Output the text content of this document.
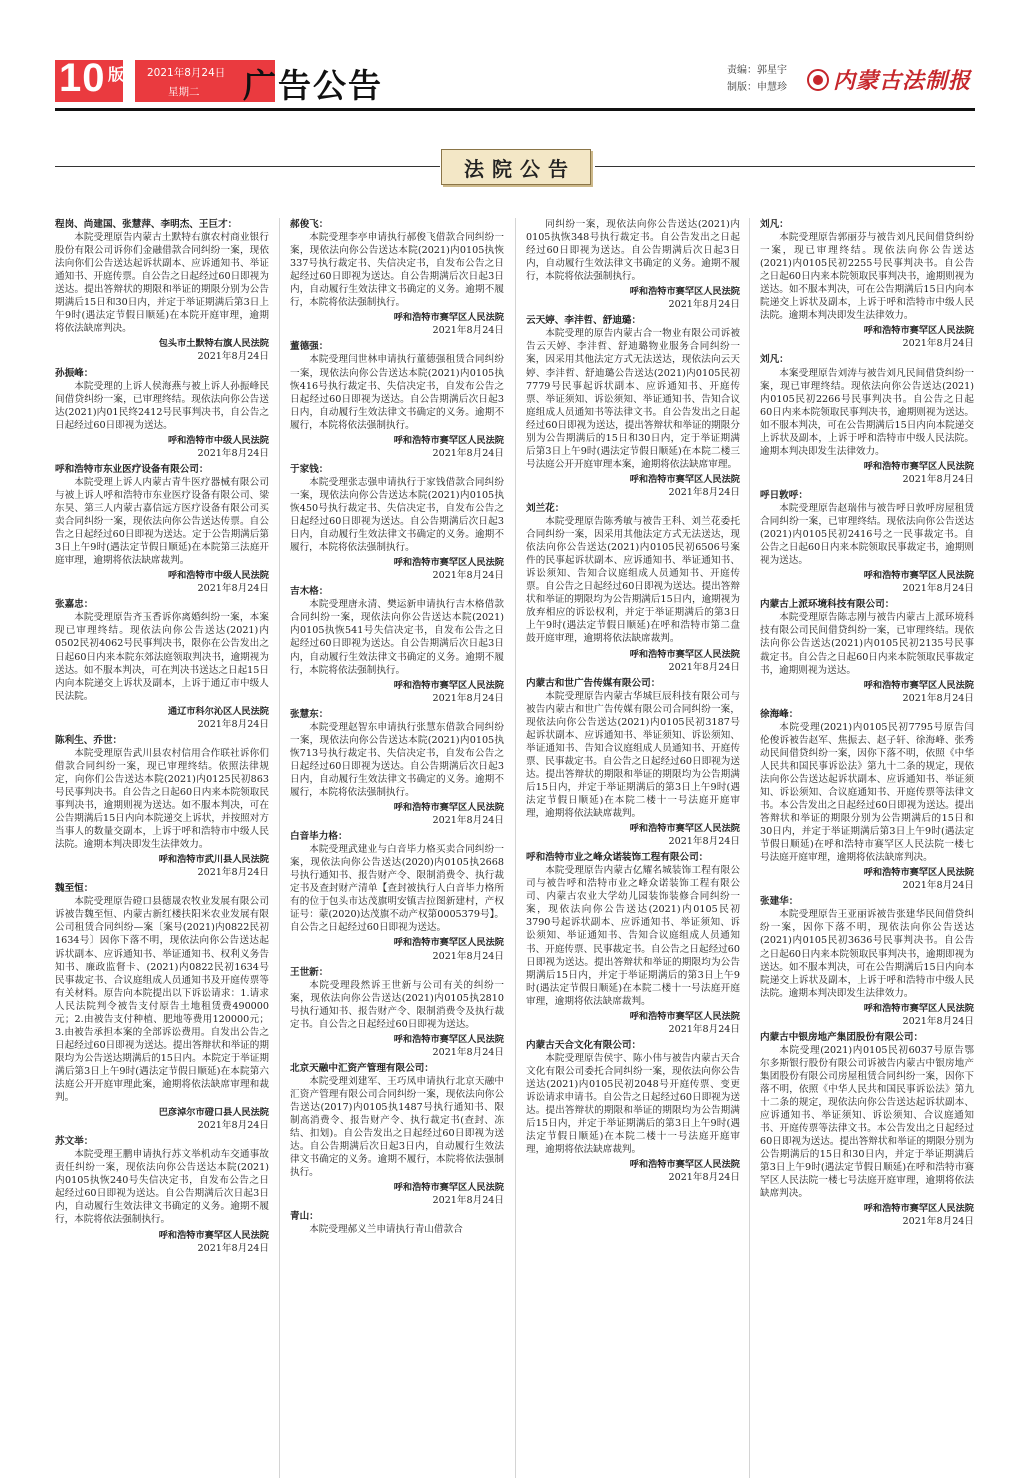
10	2021年8月24日
星期二
版	广告公告	责编：郭星宇
制版：申慧珍 内蒙古法制报
法院公告
程岗、尚建国、张慧萍、李明杰、王巨才：
本院受理原告内蒙古土默特右旗农村商业银行股份有限公司诉你们金融借款合同纠纷一案，现依法向你们公告送达起诉状副本、应诉通知书、举证通知书、开庭传票。自公告之日起经过60日即视为送达。提出答辩状的期限和举证的期限分别为公告期满后15日和30日内，并定于举证期满后第3日上午9时(遇法定节假日顺延)在本院开庭审理，逾期将依法缺席判决。
包头市土默特右旗人民法院
2021年8月24日
孙振峰：
本院受理的上诉人侯海燕与被上诉人孙振峰民间借贷纠纷一案，已审理终结。现依法向你公告送达(2021)内01民终2412号民事判决书，自公告之日起经过60日即视为送达。
呼和浩特市中级人民法院
2021年8月24日
呼和浩特市东业医疗设备有限公司：
本院受理上诉人内蒙古青牛医疗器械有限公司与被上诉人呼和浩特市东业医疗设备有限公司、梁东昊、第三人内蒙古嘉信远方医疗设备有限公司买卖合同纠纷一案，现依法向你公告送达传票。自公告之日起经过60日即视为送达。定于公告期满后第3日上午9时(遇法定节假日顺延)在本院第三法庭开庭审理，逾期将依法缺席裁判。
呼和浩特市中级人民法院
2021年8月24日
张嘉忠：
本院受理原告齐玉香诉你离婚纠纷一案，本案现已审理终结。现依法向你公告送达(2021)内0502民初4062号民事判决书，限你在公告发出之日起60日内来本院东郊法庭领取判决书，逾期视为送达。如不服本判决，可在判决书送达之日起15日内向本院递交上诉状及副本，上诉于通辽市中级人民法院。
通辽市科尔沁区人民法院
2021年8月24日
陈利生、乔世：
本院受理原告武川县农村信用合作联社诉你们借款合同纠纷一案，现已审理终结。依照法律规定，向你们公告送达本院(2021)内0125民初863号民事判决书。自公告之日起60日内来本院领取民事判决书，逾期则视为送达。如不服本判决，可在公告期满后15日内向本院递交上诉状，并按照对方当事人的数量交副本，上诉于呼和浩特市中级人民法院。逾期本判决即发生法律效力。
呼和浩特市武川县人民法院
2021年8月24日
魏至恒：
本院受理原告磴口县德晟农牧业发展有限公司诉被告魏至恒、内蒙古新红楼扶阳米农业发展有限公司租赁合同纠纷—案〔案号(2021)内0822民初1634号〕因你下落不明，现依法向你公告送达起诉状副本、应诉通知书、举证通知书、权利义务告知书、廉政监督卡、(2021)内0822民初1634号民事裁定书、合议庭组成人员通知书及开庭传票等有关材料。原告向本院提出以下诉讼请求：1.请求人民法院判令被告支付原告土地租赁费490000元；2.由被告支付种植、肥地等费用120000元；3.由被告承担本案的全部诉讼费用。自发出公告之日起经过60日即视为送达。提出答辩状和举证的期限均为公告送达期满后的15日内。本院定于举证期满后第3日上午9时(遇法定节假日顺延)在本院第六法庭公开开庭审理此案，逾期将依法缺席审理和裁判。
巴彦淖尔市磴口县人民法院
2021年8月24日
苏文举：
本院受理王鹏申请执行苏文举机动车交通事故责任纠纷一案，现依法向你公告送达本院(2021)内0105执恢240号失信决定书，自发布公告之日起经过60日即视为送达。自公告期满后次日起3日内，自动履行生效法律文书确定的义务。逾期不履行，本院将依法强制执行。
呼和浩特市赛罕区人民法院
2021年8月24日
郝俊飞：
本院受理李亭申请执行郝俊飞借款合同纠纷一案，现依法向你公告送达本院(2021)内0105执恢337号执行裁定书、失信决定书，自发布公告之日起经过60日即视为送达。自公告期满后次日起3日内，自动履行生效法律文书确定的义务。逾期不履行，本院将依法强制执行。
呼和浩特市赛罕区人民法院
2021年8月24日
董德强：
本院受理闫世林申请执行董德强租赁合同纠纷一案，现依法向你公告送达本院(2021)内0105执恢416号执行裁定书、失信决定书，自发布公告之日起经过60日即视为送达。自公告期满后次日起3日内，自动履行生效法律文书确定的义务。逾期不履行，本院将依法强制执行。
呼和浩特市赛罕区人民法院
2021年8月24日
于家钱：
本院受理张志强申请执行于家钱借款合同纠纷一案，现依法向你公告送达本院(2021)内0105执恢450号执行裁定书、失信决定书，自发布公告之日起经过60日即视为送达。自公告期满后次日起3日内，自动履行生效法律文书确定的义务。逾期不履行，本院将依法强制执行。
呼和浩特市赛罕区人民法院
2021年8月24日
吉木格：
本院受理唐永清、樊运新申请执行吉木格借款合同纠纷一案，现依法向你公告送达本院(2021)内0105执恢541号失信决定书，自发布公告之日起经过60日即视为送达。自公告期满后次日起3日内，自动履行生效法律文书确定的义务。逾期不履行，本院将依法强制执行。
呼和浩特市赛罕区人民法院
2021年8月24日
张慧东：
本院受理赵智东申请执行张慧东借款合同纠纷一案，现依法向你公告送达本院(2021)内0105执恢713号执行裁定书、失信决定书，自发布公告之日起经过60日即视为送达。自公告期满后次日起3日内，自动履行生效法律文书确定的义务。逾期不履行，本院将依法强制执行。
呼和浩特市赛罕区人民法院
2021年8月24日
白音毕力格：
本院受理武建业与白音毕力格买卖合同纠纷一案，现依法向你公告送达(2020)内0105执2668号执行通知书、报告财产令、限制消费令、执行裁定书及查封财产清单【查封被执行人白音毕力格所有的位于包头市达茂旗明安镇吉拉图新建村，产权证号：蒙(2020)达茂旗不动产权第0005379号】。自公告之日起经过60日即视为送达。
呼和浩特市赛罕区人民法院
2021年8月24日
王世新：
本院受理段然诉王世新与公司有关的纠纷一案，现依法向你公告送达(2021)内0105执2810号执行通知书、报告财产令、限制消费令及执行裁定书。自公告之日起经过60日即视为送达。
呼和浩特市赛罕区人民法院
2021年8月24日
北京天融中汇资产管理有限公司：
本院受理刘建军、王巧凤申请执行北京天融中汇资产管理有限公司合同纠纷一案，现依法向你公告送达(2017)内0105执1487号执行通知书、限制高消费令、报告财产令、执行裁定书(查封、冻结、扣划)。自公告发出之日起经过60日即视为送达。自公告期满后次日起3日内，自动履行生效法律文书确定的义务。逾期不履行，本院将依法强制执行。
呼和浩特市赛罕区人民法院
2021年8月24日
青山：
本院受理郝义兰申请执行青山借款合
同纠纷一案，现依法向你公告送达(2021)内0105执恢348号执行裁定书。自公告发出之日起经过60日即视为送达。自公告期满后次日起3日内，自动履行生效法律文书确定的义务。逾期不履行，本院将依法强制执行。
呼和浩特市赛罕区人民法院
2021年8月24日
云天婷、李沣哲、舒迪璐：
本院受理的原告内蒙古合一物业有限公司诉被告云天婷、李沣哲、舒迪璐物业服务合同纠纷一案，因采用其他法定方式无法送达，现依法向云天婷、李沣哲、舒迪璐公告送达(2021)内0105民初7779号民事起诉状副本、应诉通知书、开庭传票、举证须知、诉讼须知、举证通知书、告知合议庭组成人员通知书等法律文书。自公告发出之日起经过60日即视为送达，提出答辩状和举证的期限分别为公告期满后的15日和30日内，定于举证期满后第3日上午9时(遇法定节假日顺延)在本院二楼三号法庭公开开庭审理本案，逾期将依法缺席审理。
呼和浩特市赛罕区人民法院
2021年8月24日
刘兰花：
本院受理原告陈秀敏与被告王科、刘兰花委托合同纠纷一案，因采用其他法定方式无法送达，现依法向你公告送达(2021)内0105民初6506号案件的民事起诉状副本、应诉通知书、举证通知书、诉讼须知、告知合议庭组成人员通知书、开庭传票。自公告之日起经过60日即视为送达。提出答辩状和举证的期限均为公告期满后15日内，逾期视为放弃相应的诉讼权利，并定于举证期满后的第3日上午9时(遇法定节假日顺延)在呼和浩特市第二盘鼓开庭审理，逾期将依法缺席裁判。
呼和浩特市赛罕区人民法院
2021年8月24日
内蒙古和世广告传媒有限公司：
本院受理原告内蒙古华城巨辰科技有限公司与被告内蒙古和世广告传媒有限公司合同纠纷一案，现依法向你公告送达(2021)内0105民初3187号起诉状副本、应诉通知书、举证须知、诉讼须知、举证通知书、告知合议庭组成人员通知书、开庭传票、民事裁定书。自公告之日起经过60日即视为送达。提出答辩状的期限和举证的期限均为公告期满后15日内，并定于举证期满后的第3日上午9时(遇法定节假日顺延)在本院二楼十一号法庭开庭审理，逾期将依法缺席裁判。
呼和浩特市赛罕区人民法院
2021年8月24日
呼和浩特市业之峰众诺装饰工程有限公司：
本院受理原告内蒙古亿耀名城装饰工程有限公司与被告呼和浩特市业之峰众诺装饰工程有限公司、内蒙古农业大学幼儿园装饰装修合同纠纷一案，现依法向你公告送达(2021)内0105民初3790号起诉状副本、应诉通知书、举证须知、诉讼须知、举证通知书、告知合议庭组成人员通知书、开庭传票、民事裁定书。自公告之日起经过60日即视为送达。提出答辩状和举证的期限均为公告期满后15日内，并定于举证期满后的第3日上午9时(遇法定节假日顺延)在本院二楼十一号法庭开庭审理，逾期将依法缺席裁判。
呼和浩特市赛罕区人民法院
2021年8月24日
内蒙古天合文化有限公司：
本院受理原告侯宇、陈小伟与被告内蒙古天合文化有限公司委托合同纠纷一案，现依法向你公告送达(2021)内0105民初2048号开庭传票、变更诉讼请求申请书。自公告之日起经过60日即视为送达。提出答辩状的期限和举证的期限均为公告期满后15日内，并定于举证期满后的第3日上午9时(遇法定节假日顺延)在本院二楼十一号法庭开庭审理，逾期将依法缺席裁判。
呼和浩特市赛罕区人民法院
2021年8月24日
刘凡：
本院受理原告郭丽芬与被告刘凡民间借贷纠纷一案，现已审理终结。现依法向你公告送达(2021)内0105民初2255号民事判决书。自公告之日起60日内来本院领取民事判决书，逾期则视为送达。如不服本判决，可在公告期满后15日内向本院递交上诉状及副本，上诉于呼和浩特市中级人民法院。逾期本判决即发生法律效力。
呼和浩特市赛罕区人民法院
2021年8月24日
刘凡：
本案受理原告刘涛与被告刘凡民间借贷纠纷一案，现已审理终结。现依法向你公告送达(2021)内0105民初2266号民事判决书。自公告之日起60日内来本院领取民事判决书，逾期则视为送达。如不服本判决，可在公告期满后15日内向本院递交上诉状及副本，上诉于呼和浩特市中级人民法院。逾期本判决即发生法律效力。
呼和浩特市赛罕区人民法院
2021年8月24日
呼日敦呼：
本院受理原告赵瑞伟与被告呼日敦呼房屋租赁合同纠纷一案，已审理终结。现依法向你公告送达(2021)内0105民初2416号之一民事裁定书。自公告之日起60日内来本院领取民事裁定书，逾期则视为送达。
呼和浩特市赛罕区人民法院
2021年8月24日
内蒙古上派环境科技有限公司：
本院受理原告陈志刚与被告内蒙古上派环境科技有限公司民间借贷纠纷一案，已审理终结。现依法向你公告送达(2021)内0105民初2135号民事裁定书。自公告之日起60日内来本院领取民事裁定书，逾期则视为送达。
呼和浩特市赛罕区人民法院
2021年8月24日
徐海峰：
本院受理(2021)内0105民初7795号原告闫伦俊诉被告赵军、焦振去、赵子轩、徐海峰、张秀动民间借贷纠纷一案，因你下落不明，依照《中华人民共和国民事诉讼法》第九十二条的规定，现依法向你公告送达起诉状副本、应诉通知书、举证须知、诉讼须知、合议庭通知书、开庭传票等法律文书。本公告发出之日起经过60日即视为送达。提出答辩状和举证的期限分别为公告期满后的15日和30日内，并定于举证期满后第3日上午9时(遇法定节假日顺延)在呼和浩特市赛罕区人民法院一楼七号法庭开庭审理，逾期将依法缺席判决。
呼和浩特市赛罕区人民法院
2021年8月24日
张建华：
本院受理原告王亚丽诉被告张建华民间借贷纠纷一案，因你下落不明，现依法向你公告送达(2021)内0105民初3636号民事判决书。自公告之日起60日内来本院领取民事判决书，逾期即视为送达。如不服本判决，可在公告期满后15日内向本院递交上诉状及副本，上诉于呼和浩特市中级人民法院。逾期本判决即发生法律效力。
呼和浩特市赛罕区人民法院
2021年8月24日
内蒙古中银房地产集团股份有限公司：
本院受理(2021)内0105民初6037号原告鄂尔多斯银行股份有限公司诉被告内蒙古中银房地产集团股份有限公司房屋租赁合同纠纷一案，因你下落不明，依照《中华人民共和国民事诉讼法》第九十二条的规定，现依法向你公告送达起诉状副本、应诉通知书、举证须知、诉讼须知、合议庭通知书、开庭传票等法律文书。本公告发出之日起经过60日即视为送达。提出答辩状和举证的期限分别为公告期满后的15日和30日内，并定于举证期满后第3日上午9时(遇法定节假日顺延)在呼和浩特市赛罕区人民法院一楼七号法庭开庭审理，逾期将依法缺席判决。
呼和浩特市赛罕区人民法院
2021年8月24日
